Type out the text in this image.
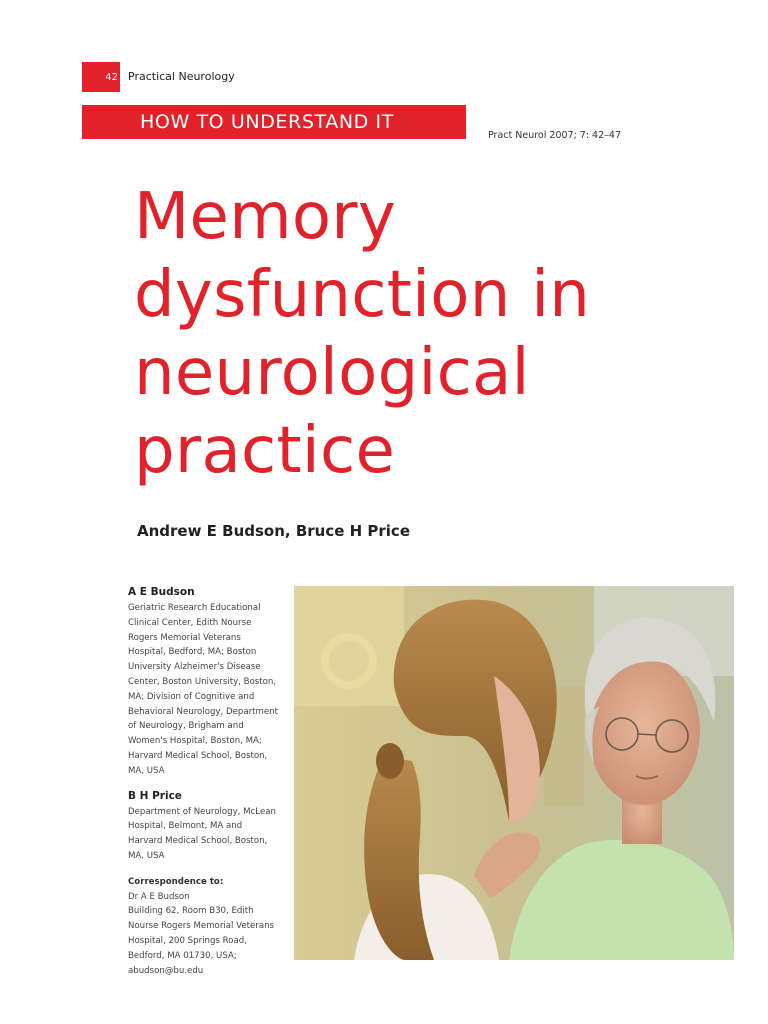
42 Practical Neurology
HOW TO UNDERSTAND IT
Pract Neurol 2007; 7: 42–47
Memory
dysfunction in
neurological
practice
Andrew E Budson, Bruce H Price

A E Budson

Geriatric Research Educational Clinical Center, Edith Nourse Rogers Memorial Veterans Hospital, Bedford, MA; Boston University Alzheimer's Disease Center, Boston University, Boston, MA; Division of Cognitive and Behavioral Neurology, Department of Neurology, Brigham and Women's Hospital, Boston, MA; Harvard Medical School, Boston, MA, USA

B H Price

Department of Neurology, McLean Hospital, Belmont, MA and Harvard Medical School, Boston, MA, USA

Correspondence to:

Dr A E Budson
Building 62, Room B30, Edith
Nourse Rogers Memorial Veterans
Hospital, 200 Springs Road,
Bedford, MA 01730, USA;
abudson@bu.edu
